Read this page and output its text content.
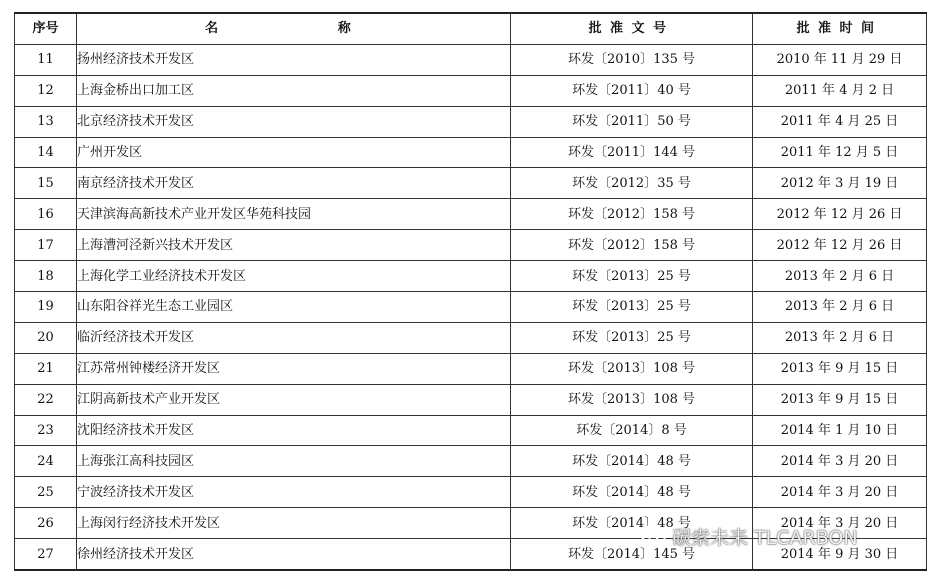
序号	名　　称	批准文号	批准时间
11	扬州经济技术开发区	环发〔2010〕135 号	2010 年 11 月 29 日
12	上海金桥出口加工区	环发〔2011〕40 号	2011 年 4 月 2 日
13	北京经济技术开发区	环发〔2011〕50 号	2011 年 4 月 25 日
14	广州开发区	环发〔2011〕144 号	2011 年 12 月 5 日
15	南京经济技术开发区	环发〔2012〕35 号	2012 年 3 月 19 日
16	天津滨海高新技术产业开发区华苑科技园	环发〔2012〕158 号	2012 年 12 月 26 日
17	上海漕河泾新兴技术开发区	环发〔2012〕158 号	2012 年 12 月 26 日
18	上海化学工业经济技术开发区	环发〔2013〕25 号	2013 年 2 月 6 日
19	山东阳谷祥光生态工业园区	环发〔2013〕25 号	2013 年 2 月 6 日
20	临沂经济技术开发区	环发〔2013〕25 号	2013 年 2 月 6 日
21	江苏常州钟楼经济开发区	环发〔2013〕108 号	2013 年 9 月 15 日
22	江阴高新技术产业开发区	环发〔2013〕108 号	2013 年 9 月 15 日
23	沈阳经济技术开发区	环发〔2014〕8 号	2014 年 1 月 10 日
24	上海张江高科技园区	环发〔2014〕48 号	2014 年 3 月 20 日
25	宁波经济技术开发区	环发〔2014〕48 号	2014 年 3 月 20 日
26	上海闵行经济技术开发区	环发〔2014〕48 号	2014 年 3 月 20 日
27	徐州经济技术开发区	环发〔2014〕145 号	2014 年 9 月 30 日
碳索未来 TLCARBON
